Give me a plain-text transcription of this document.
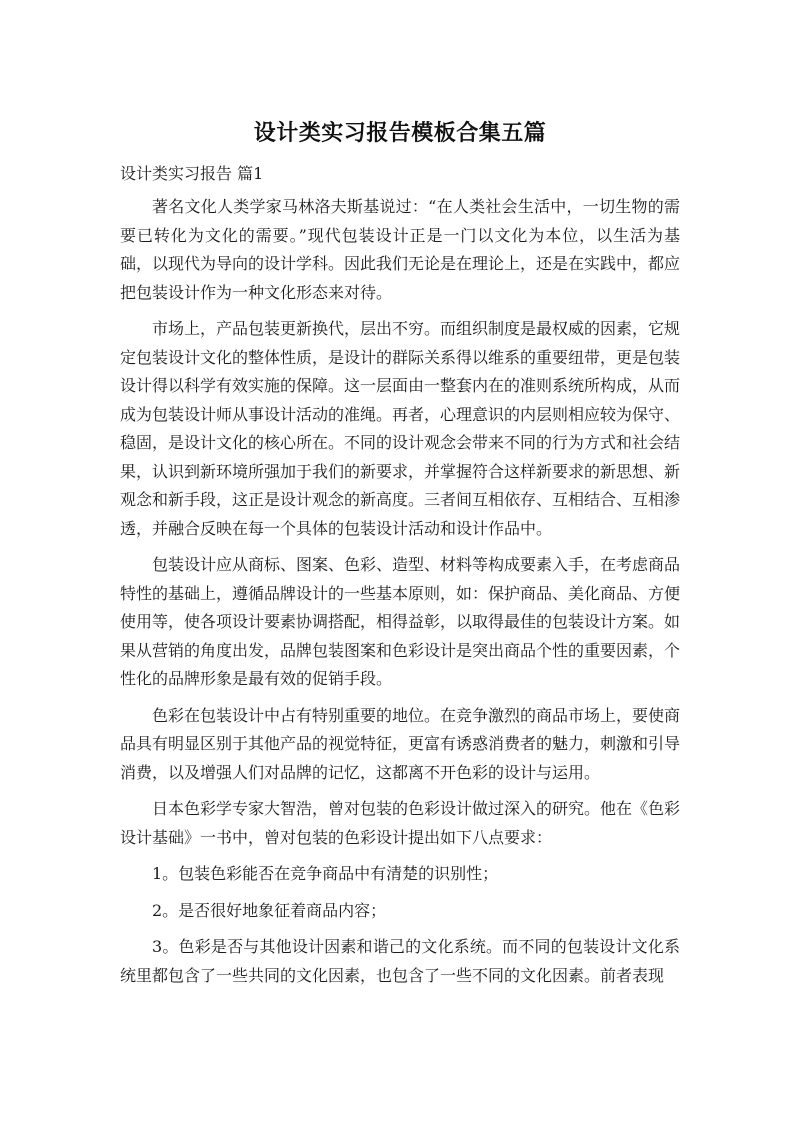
设计类实习报告模板合集五篇
设计类实习报告 篇1

著名文化人类学家马林洛夫斯基说过：“在人类社会生活中，一切生物的需要已转化为文化的需要。”现代包装设计正是一门以文化为本位，以生活为基础，以现代为导向的设计学科。因此我们无论是在理论上，还是在实践中，都应把包装设计作为一种文化形态来对待。

市场上，产品包装更新换代，层出不穷。而组织制度是最权威的因素，它规定包装设计文化的整体性质，是设计的群际关系得以维系的重要纽带，更是包装设计得以科学有效实施的保障。这一层面由一整套内在的准则系统所构成，从而成为包装设计师从事设计活动的准绳。再者，心理意识的内层则相应较为保守、稳固，是设计文化的核心所在。不同的设计观念会带来不同的行为方式和社会结果，认识到新环境所强加于我们的新要求，并掌握符合这样新要求的新思想、新观念和新手段，这正是设计观念的新高度。三者间互相依存、互相结合、互相渗透，并融合反映在每一个具体的包装设计活动和设计作品中。

包装设计应从商标、图案、色彩、造型、材料等构成要素入手，在考虑商品特性的基础上，遵循品牌设计的一些基本原则，如：保护商品、美化商品、方便使用等，使各项设计要素协调搭配，相得益彰，以取得最佳的包装设计方案。如果从营销的角度出发，品牌包装图案和色彩设计是突出商品个性的重要因素，个性化的品牌形象是最有效的促销手段。

色彩在包装设计中占有特别重要的地位。在竞争激烈的商品市场上，要使商品具有明显区别于其他产品的视觉特征，更富有诱惑消费者的魅力，刺激和引导消费，以及增强人们对品牌的记忆，这都离不开色彩的设计与运用。

日本色彩学专家大智浩，曾对包装的色彩设计做过深入的研究。他在《色彩设计基础》一书中，曾对包装的色彩设计提出如下八点要求：

1。包装色彩能否在竞争商品中有清楚的识别性；

2。是否很好地象征着商品内容；

3。色彩是否与其他设计因素和谐己的文化系统。而不同的包装设计文化系统里都包含了一些共同的文化因素，也包含了一些不同的文化因素。前者表现
